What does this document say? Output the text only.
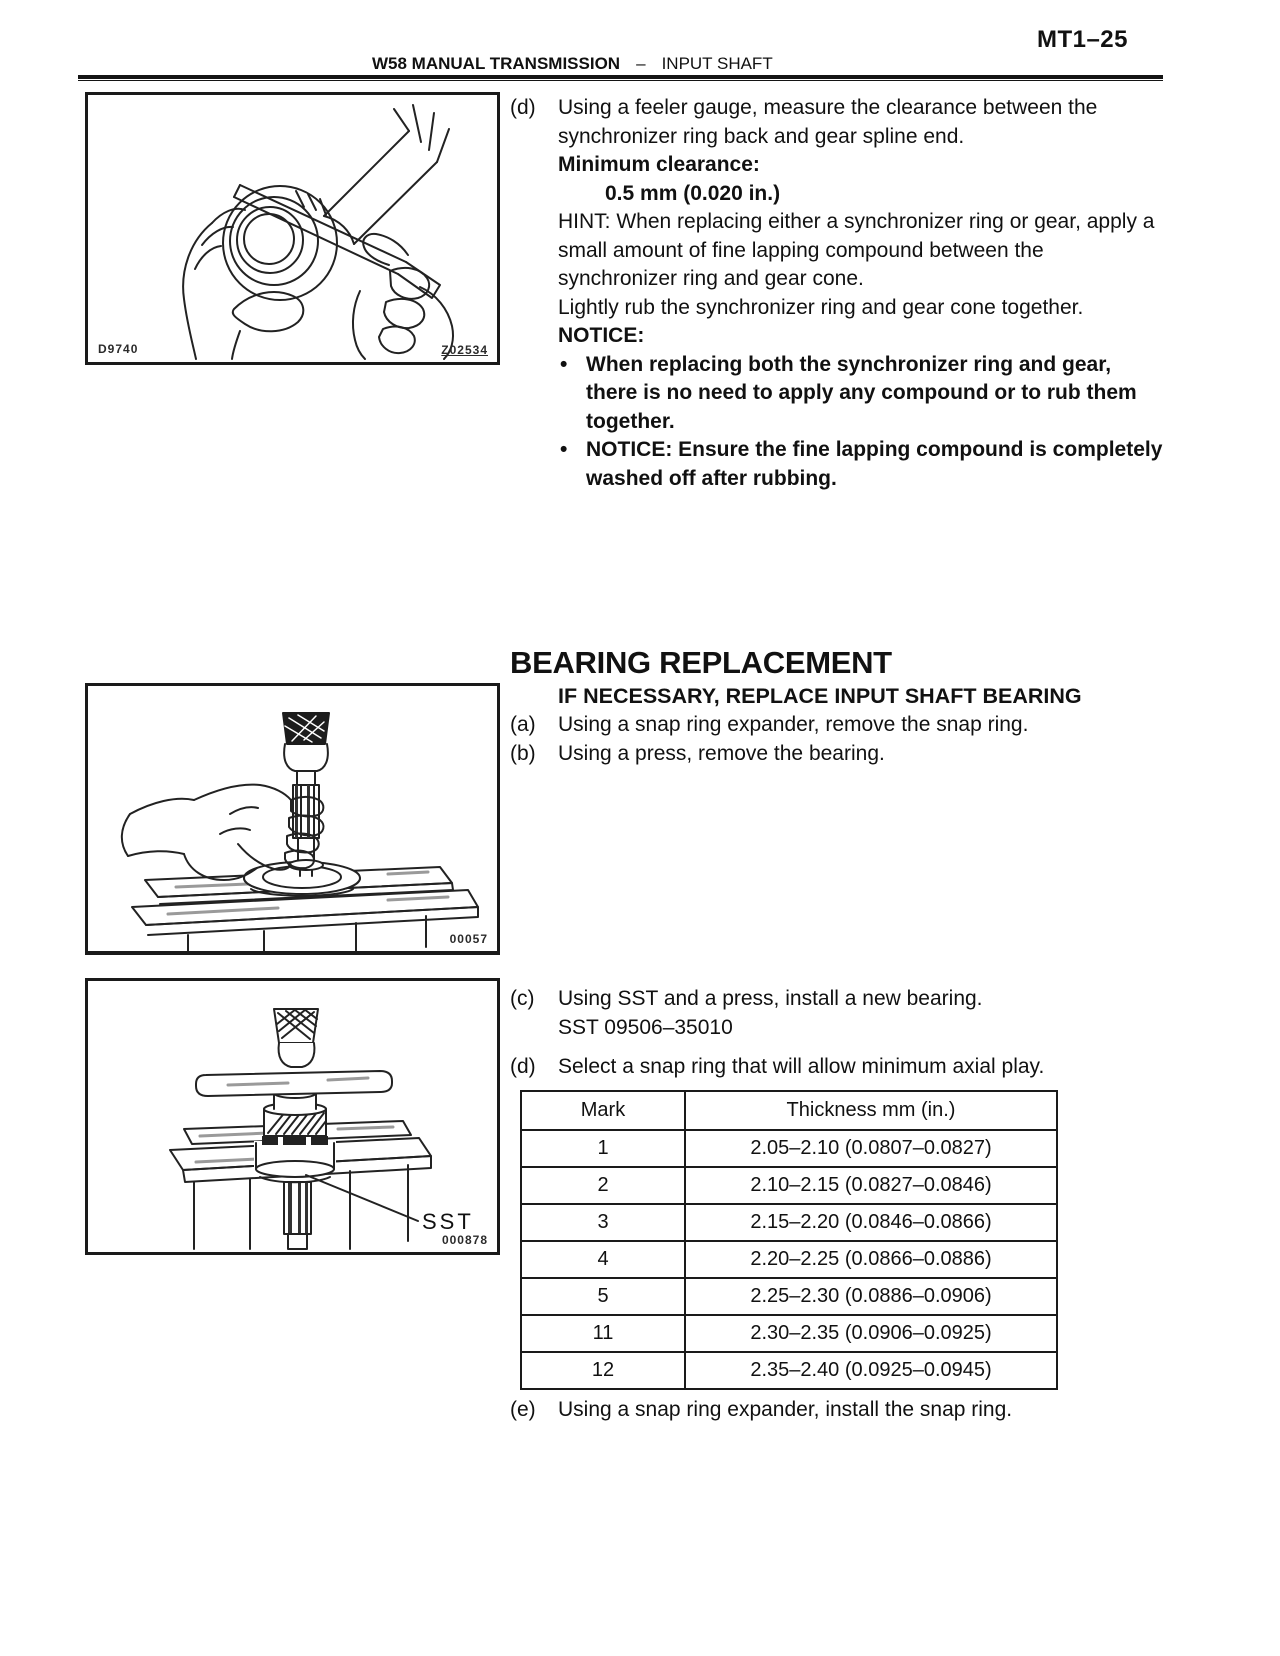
MT1–25
W58 MANUAL TRANSMISSION – INPUT SHAFT
D9740	Z02534
00057
SST
000878
(d)	Using a feeler gauge, measure the clearance between the synchronizer ring back and gear spline end.
Minimum clearance:
0.5 mm (0.020 in.)
HINT: When replacing either a synchronizer ring or gear, apply a small amount of fine lapping compound between the synchronizer ring and gear cone.
Lightly rub the synchronizer ring and gear cone together.
NOTICE:
• When replacing both the synchronizer ring and gear, there is no need to apply any compound or to rub them together.
• NOTICE: Ensure the fine lapping compound is completely washed off after rubbing.
BEARING REPLACEMENT
IF NECESSARY, REPLACE INPUT SHAFT BEARING
(a)	Using a snap ring expander, remove the snap ring.
(b)	Using a press, remove the bearing.
(c)	Using SST and a press, install a new bearing.
SST 09506–35010
(d)	Select a snap ring that will allow minimum axial play.
Mark	Thickness mm (in.)
1	2.05–2.10 (0.0807–0.0827)
2	2.10–2.15 (0.0827–0.0846)
3	2.15–2.20 (0.0846–0.0866)
4	2.20–2.25 (0.0866–0.0886)
5	2.25–2.30 (0.0886–0.0906)
11	2.30–2.35 (0.0906–0.0925)
12	2.35–2.40 (0.0925–0.0945)
(e)	Using a snap ring expander, install the snap ring.
